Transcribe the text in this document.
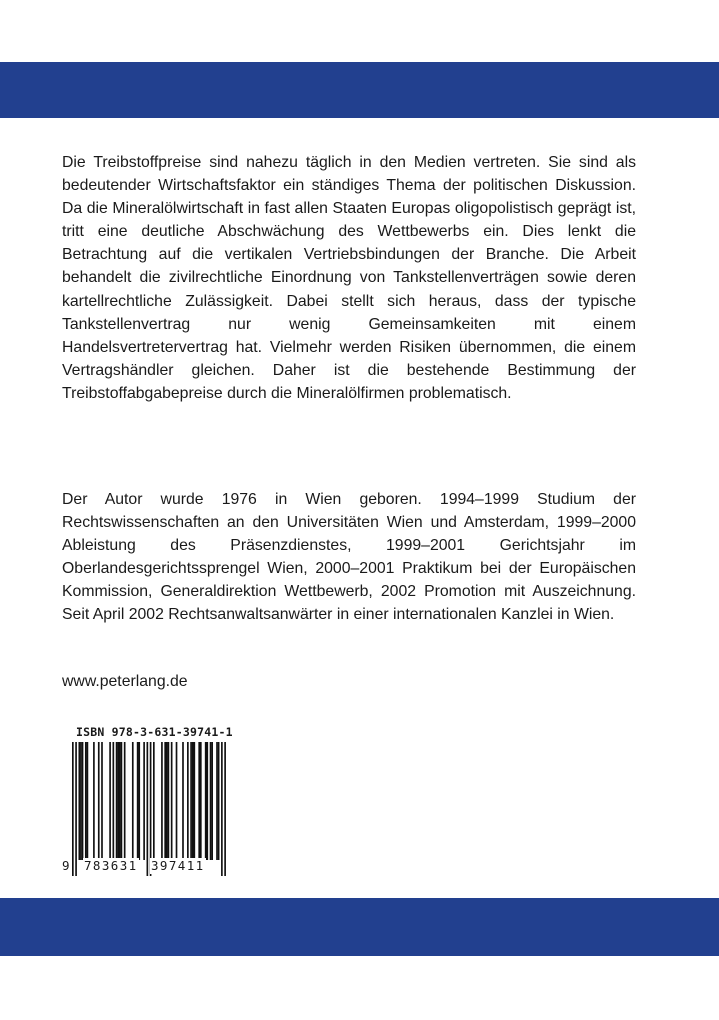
Die Treibstoffpreise sind nahezu täglich in den Medien vertreten. Sie sind als bedeutender Wirtschaftsfaktor ein ständiges Thema der politischen Diskussion. Da die Mineralölwirtschaft in fast allen Staaten Europas oligopolistisch geprägt ist, tritt eine deutliche Abschwächung des Wettbewerbs ein. Dies lenkt die Betrachtung auf die vertikalen Vertriebsbindungen der Branche. Die Arbeit behandelt die zivilrechtliche Einordnung von Tankstellenverträgen sowie deren kartellrechtliche Zulässigkeit. Dabei stellt sich heraus, dass der typische Tankstellenvertrag nur wenig Gemeinsamkeiten mit einem Handelsvertretervertrag hat. Vielmehr werden Risiken übernommen, die einem Vertragshändler gleichen. Daher ist die bestehende Bestimmung der Treibstoffabgabepreise durch die Mineralölfirmen problematisch.

Der Autor wurde 1976 in Wien geboren. 1994–1999 Studium der Rechtswissenschaften an den Universitäten Wien und Amsterdam, 1999–2000 Ableistung des Präsenzdienstes, 1999–2001 Gerichtsjahr im Oberlandesgerichtssprengel Wien, 2000–2001 Praktikum bei der Europäischen Kommission, Generaldirektion Wettbewerb, 2002 Promotion mit Auszeichnung. Seit April 2002 Rechtsanwaltsanwärter in einer internationalen Kanzlei in Wien.

www.peterlang.de
ISBN 978-3-631-39741-1
9 783631 397411
